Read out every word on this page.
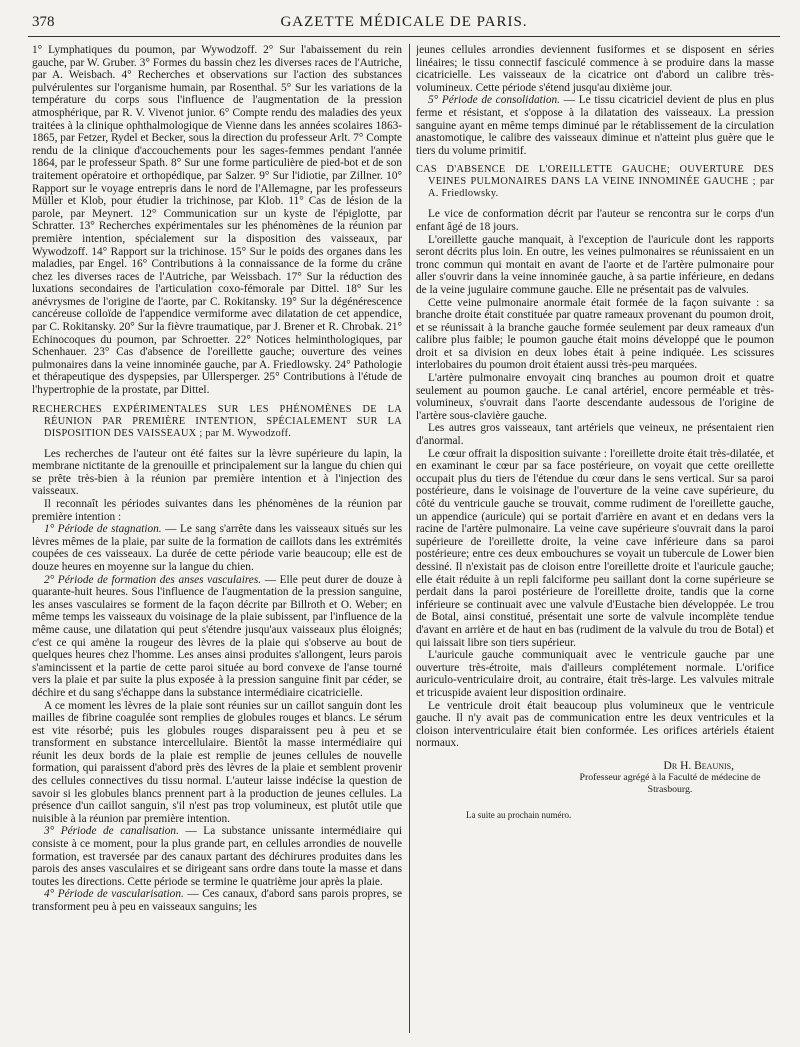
378	GAZETTE MÉDICALE DE PARIS.

1° Lymphatiques du poumon, par Wywodzoff. 2° Sur l'abaissement du rein gauche, par W. Gruber. 3° Formes du bassin chez les diverses races de l'Autriche, par A. Weisbach. 4° Recherches et observations sur l'action des substances pulvérulentes sur l'organisme humain, par Rosenthal. 5° Sur les variations de la température du corps sous l'influence de l'augmentation de la pression atmosphérique, par R. V. Vivenot junior. 6° Compte rendu des maladies des yeux traitées à la clinique ophthalmologique de Vienne dans les années scolaires 1863-1865, par Fetzer, Rydel et Becker, sous la direction du professeur Arlt. 7° Compte rendu de la clinique d'accouchements pour les sages-femmes pendant l'année 1864, par le professeur Spath. 8° Sur une forme particulière de pied-bot et de son traitement opératoire et orthopédique, par Salzer. 9° Sur l'idiotie, par Zillner. 10° Rapport sur le voyage entrepris dans le nord de l'Allemagne, par les professeurs Müller et Klob, pour étudier la trichinose, par Klob. 11° Cas de lésion de la parole, par Meynert. 12° Communication sur un kyste de l'épiglotte, par Schratter. 13° Recherches expérimentales sur les phénomènes de la réunion par première intention, spécialement sur la disposition des vaisseaux, par Wywodzoff. 14° Rapport sur la trichinose. 15° Sur le poids des organes dans les maladies, par Engel. 16° Contributions à la connaissance de la forme du crâne chez les diverses races de l'Autriche, par Weissbach. 17° Sur la réduction des luxations secondaires de l'articulation coxo-fémorale par Dittel. 18° Sur les anévrysmes de l'origine de l'aorte, par C. Rokitansky. 19° Sur la dégénérescence cancéreuse colloïde de l'appendice vermiforme avec dilatation de cet appendice, par C. Rokitansky. 20° Sur la fièvre traumatique, par J. Brener et R. Chrobak. 21° Echinocoques du poumon, par Schroetter. 22° Notices helminthologiques, par Schenhauer. 23° Cas d'absence de l'oreillette gauche; ouverture des veines pulmonaires dans la veine innominée gauche, par A. Friedlowsky. 24° Pathologie et thérapeutique des dyspepsies, par Ullersperger. 25° Contributions à l'étude de l'hypertrophie de la prostate, par Dittel.

RECHERCHES EXPÉRIMENTALES SUR LES PHÉNOMÈNES DE LA RÉUNION PAR PREMIÈRE INTENTION, SPÉCIALEMENT SUR LA DISPOSITION DES VAISSEAUX ; par M. Wywodzoff.

Les recherches de l'auteur ont été faites sur la lèvre supérieure du lapin, la membrane nictitante de la grenouille et principalement sur la langue du chien qui se prête très-bien à la réunion par première intention et à l'injection des vaisseaux.

Il reconnaît les périodes suivantes dans les phénomènes de la réunion par première intention :

1° Période de stagnation. — Le sang s'arrête dans les vaisseaux situés sur les lèvres mêmes de la plaie, par suite de la formation de caillots dans les extrémités coupées de ces vaisseaux. La durée de cette période varie beaucoup; elle est de douze heures en moyenne sur la langue du chien.

2° Période de formation des anses vasculaires. — Elle peut durer de douze à quarante-huit heures. Sous l'influence de l'augmentation de la pression sanguine, les anses vasculaires se forment de la façon décrite par Billroth et O. Weber; en même temps les vaisseaux du voisinage de la plaie subissent, par l'influence de la même cause, une dilatation qui peut s'étendre jusqu'aux vaisseaux plus éloignés; c'est ce qui amène la rougeur des lèvres de la plaie qui s'observe au bout de quelques heures chez l'homme. Les anses ainsi produites s'allongent, leurs parois s'amincissent et la partie de cette paroi située au bord convexe de l'anse tourné vers la plaie et par suite la plus exposée à la pression sanguine finit par céder, se déchire et du sang s'échappe dans la substance intermédiaire cicatricielle.

A ce moment les lèvres de la plaie sont réunies sur un caillot sanguin dont les mailles de fibrine coagulée sont remplies de globules rouges et blancs. Le sérum est vite résorbé; puis les globules rouges disparaissent peu à peu et se transforment en substance intercellulaire. Bientôt la masse intermédiaire qui réunit les deux bords de la plaie est remplie de jeunes cellules de nouvelle formation, qui paraissent d'abord près des lèvres de la plaie et semblent provenir des cellules connectives du tissu normal. L'auteur laisse indécise la question de savoir si les globules blancs prennent part à la production de jeunes cellules. La présence d'un caillot sanguin, s'il n'est pas trop volumineux, est plutôt utile que nuisible à la réunion par première intention.

3° Période de canalisation. — La substance unissante intermédiaire qui consiste à ce moment, pour la plus grande part, en cellules arrondies de nouvelle formation, est traversée par des canaux partant des déchirures produites dans les parois des anses vasculaires et se dirigeant sans ordre dans toute la masse et dans toutes les directions. Cette période se termine le quatrième jour après la plaie.

4° Période de vascularisation. — Ces canaux, d'abord sans parois propres, se transforment peu à peu en vaisseaux sanguins; les

jeunes cellules arrondies deviennent fusiformes et se disposent en séries linéaires; le tissu connectif fasciculé commence à se produire dans la masse cicatricielle. Les vaisseaux de la cicatrice ont d'abord un calibre très-volumineux. Cette période s'étend jusqu'au dixième jour.

5° Période de consolidation. — Le tissu cicatriciel devient de plus en plus ferme et résistant, et s'oppose à la dilatation des vaisseaux. La pression sanguine ayant en même temps diminué par le rétablissement de la circulation anastomotique, le calibre des vaisseaux diminue et n'atteint plus guère que le tiers du volume primitif.

CAS D'ABSENCE DE L'OREILLETTE GAUCHE; OUVERTURE DES VEINES PULMONAIRES DANS LA VEINE INNOMINÉE GAUCHE ; par A. Friedlowsky.

Le vice de conformation décrit par l'auteur se rencontra sur le corps d'un enfant âgé de 18 jours.

L'oreillette gauche manquait, à l'exception de l'auricule dont les rapports seront décrits plus loin. En outre, les veines pulmonaires se réunissaient en un tronc commun qui montait en avant de l'aorte et de l'artère pulmonaire pour aller s'ouvrir dans la veine innominée gauche, à sa partie inférieure, en dedans de la veine jugulaire commune gauche. Elle ne présentait pas de valvules.

Cette veine pulmonaire anormale était formée de la façon suivante : sa branche droite était constituée par quatre rameaux provenant du poumon droit, et se réunissait à la branche gauche formée seulement par deux rameaux d'un calibre plus faible; le poumon gauche était moins développé que le poumon droit et sa division en deux lobes était à peine indiquée. Les scissures interlobaires du poumon droit étaient aussi très-peu marquées.

L'artère pulmonaire envoyait cinq branches au poumon droit et quatre seulement au poumon gauche. Le canal artériel, encore perméable et très-volumineux, s'ouvrait dans l'aorte descendante audessous de l'origine de l'artère sous-clavière gauche.

Les autres gros vaisseaux, tant artériels que veineux, ne présentaient rien d'anormal.

Le cœur offrait la disposition suivante : l'oreillette droite était très-dilatée, et en examinant le cœur par sa face postérieure, on voyait que cette oreillette occupait plus du tiers de l'étendue du cœur dans le sens vertical. Sur sa paroi postérieure, dans le voisinage de l'ouverture de la veine cave supérieure, du côté du ventricule gauche se trouvait, comme rudiment de l'oreillette gauche, un appendice (auricule) qui se portait d'arrière en avant et en dedans vers la racine de l'artère pulmonaire. La veine cave supérieure s'ouvrait dans la paroi supérieure de l'oreillette droite, la veine cave inférieure dans sa paroi postérieure; entre ces deux embouchures se voyait un tubercule de Lower bien dessiné. Il n'existait pas de cloison entre l'oreillette droite et l'auricule gauche; elle était réduite à un repli falciforme peu saillant dont la corne supérieure se perdait dans la paroi postérieure de l'oreillette droite, tandis que la corne inférieure se continuait avec une valvule d'Eustache bien développée. Le trou de Botal, ainsi constitué, présentait une sorte de valvule incomplète tendue d'avant en arrière et de haut en bas (rudiment de la valvule du trou de Botal) et qui laissait libre son tiers supérieur.

L'auricule gauche communiquait avec le ventricule gauche par une ouverture très-étroite, mais d'ailleurs complétement normale. L'orifice auriculo-ventriculaire droit, au contraire, était très-large. Les valvules mitrale et tricuspide avaient leur disposition ordinaire.

Le ventricule droit était beaucoup plus volumineux que le ventricule gauche. Il n'y avait pas de communication entre les deux ventricules et la cloison interventriculaire était bien conformée. Les orifices artériels étaient normaux.

Dr H. Beaunis,
Professeur agrégé à la Faculté de médecine de Strasbourg.
La suite au prochain numéro.
